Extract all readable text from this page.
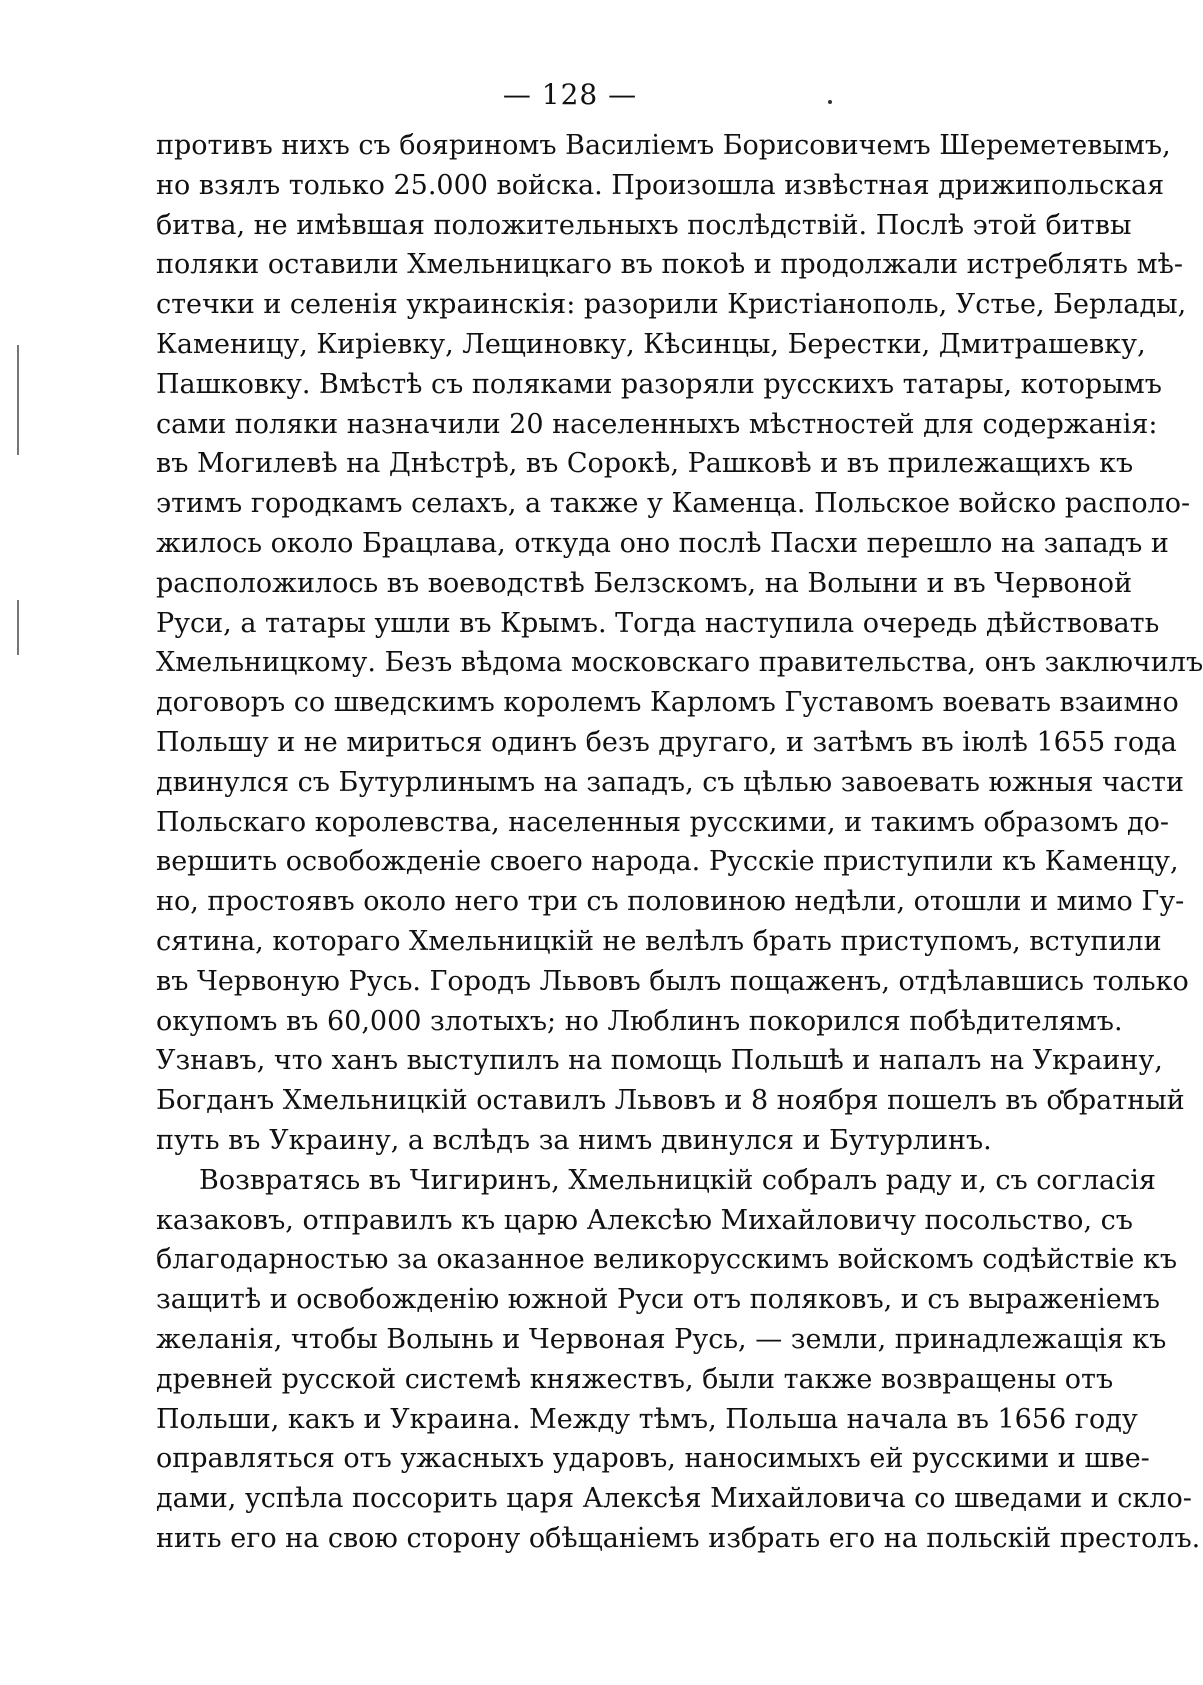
— 128 —
противъ нихъ съ бояриномъ Василіемъ Борисовичемъ Шереметевымъ,
но взялъ только 25.000 войска. Произошла извѣстная дрижипольская
битва, не имѣвшая положительныхъ послѣдствій. Послѣ этой битвы
поляки оставили Хмельницкаго въ покоѣ и продолжали истреблять мѣ-
стечки и селенія украинскія: разорили Кристіанополь, Устье, Берлады,
Каменицу, Киріевку, Лещиновку, Кѣсинцы, Берестки, Дмитрашевку,
Пашковку. Вмѣстѣ съ поляками разоряли русскихъ татары, которымъ
сами поляки назначили 20 населенныхъ мѣстностей для содержанія:
въ Могилевѣ на Днѣстрѣ, въ Сорокѣ, Рашковѣ и въ прилежащихъ къ
этимъ городкамъ селахъ, а также у Каменца. Польское войско располо-
жилось около Брацлава, откуда оно послѣ Пасхи перешло на западъ и
расположилось въ воеводствѣ Белзскомъ, на Волыни и въ Червоной
Руси, а татары ушли въ Крымъ. Тогда наступила очередь дѣйствовать
Хмельницкому. Безъ вѣдома московскаго правительства, онъ заключилъ
договоръ со шведскимъ королемъ Карломъ Густавомъ воевать взаимно
Польшу и не мириться одинъ безъ другаго, и затѣмъ въ іюлѣ 1655 года
двинулся съ Бутурлинымъ на западъ, съ цѣлью завоевать южныя части
Польскаго королевства, населенныя русскими, и такимъ образомъ до-
вершить освобожденіе своего народа. Русскіе приступили къ Каменцу,
но, простоявъ около него три съ половиною недѣли, отошли и мимо Гу-
сятина, котораго Хмельницкій не велѣлъ брать приступомъ, вступили
въ Червоную Русь. Городъ Львовъ былъ пощаженъ, отдѣлавшись только
окупомъ въ 60,000 злотыхъ; но Люблинъ покорился побѣдителямъ.
Узнавъ, что ханъ выступилъ на помощь Польшѣ и напалъ на Украину,
Богданъ Хмельницкій оставилъ Львовъ и 8 ноября пошелъ въ обратный
путь въ Украину, а вслѣдъ за нимъ двинулся и Бутурлинъ.
Возвратясь въ Чигиринъ, Хмельницкій собралъ раду и, съ согласія
казаковъ, отправилъ къ царю Алексѣю Михайловичу посольство, съ
благодарностью за оказанное великорусскимъ войскомъ содѣйствіе къ
защитѣ и освобожденію южной Руси отъ поляковъ, и съ выраженіемъ
желанія, чтобы Волынь и Червоная Русь, — земли, принадлежащія къ
древней русской системѣ княжествъ, были также возвращены отъ
Польши, какъ и Украина. Между тѣмъ, Польша начала въ 1656 году
оправляться отъ ужасныхъ ударовъ, наносимыхъ ей русскими и шве-
дами, успѣла поссорить царя Алексѣя Михайловича со шведами и скло-
нить его на свою сторону обѣщаніемъ избрать его на польскій престолъ.
